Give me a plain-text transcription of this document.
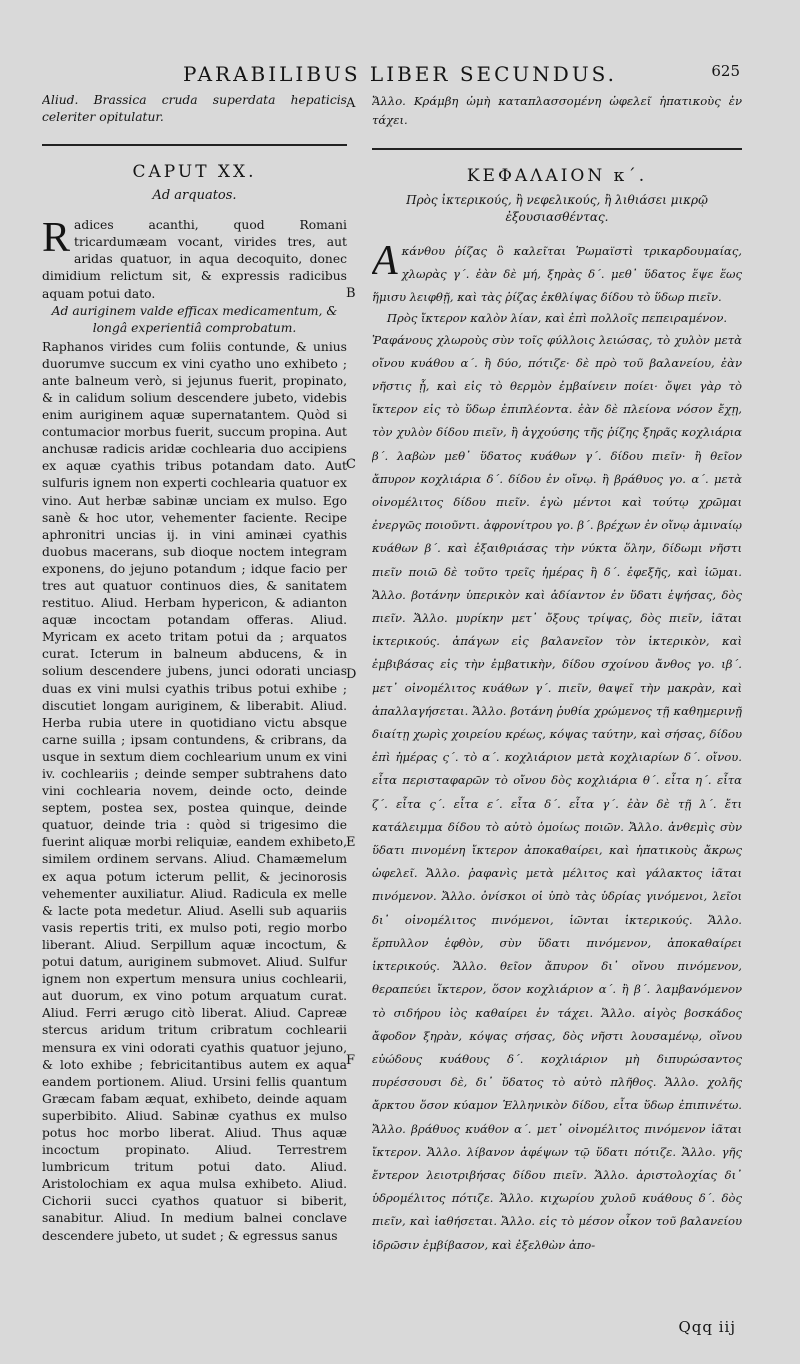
PARABILIBUS LIBER SECUNDUS.	625

Aliud. Brassica cruda superdata hepaticis celeriter opitulatur.

CAPUT XX.
Ad arquatos.

Radices acanthi, quod Romani tricardumæam vocant, virides tres, aut aridas quatuor, in aqua decoquito, donec dimidium relictum sit, & expressis radicibus aquam potui dato.

Ad auriginem valde efficax medicamentum, & longâ experientiâ comprobatum.

Raphanos virides cum foliis contunde, & unius duorumve succum ex vini cyatho uno exhibeto ; ante balneum verò, si jejunus fuerit, propinato, & in calidum solium descendere jubeto, videbis enim auriginem aquæ supernatantem. Quòd si contumacior morbus fuerit, succum propina. Aut anchusæ radicis aridæ cochlearia duo accipiens ex aquæ cyathis tribus potandam dato. Aut sulfuris ignem non experti cochlearia quatuor ex vino. Aut herbæ sabinæ unciam ex mulso. Ego sanè & hoc utor, vehementer faciente. Recipe aphronitri uncias ij. in vini aminæi cyathis duobus macerans, sub dioque noctem integram exponens, do jejuno potandum ; idque facio per tres aut quatuor continuos dies, & sanitatem restituo. Aliud. Herbam hypericon, & adianton aquæ incoctam potandam offeras. Aliud. Myricam ex aceto tritam potui da ; arquatos curat. Icterum in balneum abducens, & in solium descendere jubens, junci odorati uncias duas ex vini mulsi cyathis tribus potui exhibe ; discutiet longam auriginem, & liberabit. Aliud. Herba rubia utere in quotidiano victu absque carne suilla ; ipsam contundens, & cribrans, da usque in sextum diem cochlearium unum ex vini iv. cochleariis ; deinde semper subtrahens dato vini cochlearia novem, deinde octo, deinde septem, postea sex, postea quinque, deinde quatuor, deinde tria : quòd si trigesimo die fuerint aliquæ morbi reliquiæ, eandem exhibeto, similem ordinem servans. Aliud. Chamæmelum ex aqua potum icterum pellit, & jecinorosis vehementer auxiliatur. Aliud. Radicula ex melle & lacte pota medetur. Aliud. Aselli sub aquariis vasis repertis triti, ex mulso poti, regio morbo liberant. Aliud. Serpillum aquæ incoctum, & potui datum, auriginem submovet. Aliud. Sulfur ignem non expertum mensura unius cochlearii, aut duorum, ex vino potum arquatum curat. Aliud. Ferri ærugo citò liberat. Aliud. Capreæ stercus aridum tritum cribratum cochlearii mensura ex vini odorati cyathis quatuor jejuno, & loto exhibe ; febricitantibus autem ex aqua eandem portionem. Aliud. Ursini fellis quantum Græcam fabam æquat, exhibeto, deinde aquam superbibito. Aliud. Sabinæ cyathus ex mulso potus hoc morbo liberat. Aliud. Thus aquæ incoctum propinato. Aliud. Terrestrem lumbricum tritum potui dato. Aliud. Aristolochiam ex aqua mulsa exhibeto. Aliud. Cichorii succi cyathos quatuor si biberit, sanabitur. Aliud. In medium balnei conclave descendere jubeto, ut sudet ; & egressus sanus

A
B
C
D
E
F

Ἄλλο. Κράμβη ὠμὴ καταπλασσομένη ὠφελεῖ ἡπατικοὺς ἐν τάχει.

ΚΕΦΑΛΑΙΟΝ κ΄.
Πρὸς ἰκτερικούς, ἢ νεφελικούς, ἢ λιθιάσει μικρῷ ἐξουσιασθέντας.

Ακάνθου ῥίζας ὃ καλεῖται Ῥωμαϊστὶ τρικαρδουμαίας, χλωρὰς γ΄. ἐὰν δὲ μή, ξηρὰς δ΄. μεθ᾽ ὕδατος ἕψε ἕως ἥμισυ λειφθῇ, καὶ τὰς ῥίζας ἐκθλίψας δίδου τὸ ὕδωρ πιεῖν.

Πρὸς ἴκτερον καλὸν λίαν, καὶ ἐπὶ πολλοῖς πεπειραμένον.

Ῥαφάνους χλωροὺς σὺν τοῖς φύλλοις λειώσας, τὸ χυλὸν μετὰ οἴνου κυάθου α΄. ἢ δύο, πότιζε· δὲ πρὸ τοῦ βαλανείου, ἐὰν νῆστις ᾖ, καὶ εἰς τὸ θερμὸν ἐμβαίνειν ποίει· ὄψει γὰρ τὸ ἴκτερον εἰς τὸ ὕδωρ ἐπιπλέοντα. ἐὰν δὲ πλείονα νόσον ἔχῃ, τὸν χυλὸν δίδου πιεῖν, ἢ ἀγχούσης τῆς ῥίζης ξηρᾶς κοχλιάρια β΄. λαβὼν μεθ᾽ ὕδατος κυάθων γ΄. δίδου πιεῖν· ἢ θεῖον ἄπυρον κοχλιάρια δ΄. δίδου ἐν οἴνῳ. ἢ βράθυος γο. α΄. μετὰ οἰνομέλιτος δίδου πιεῖν. ἐγὼ μέντοι καὶ τούτῳ χρῶμαι ἐνεργῶς ποιοῦντι. ἀφρονίτρου γο. β΄. βρέχων ἐν οἴνῳ ἀμιναίῳ κυάθων β΄. καὶ ἐξαιθριάσας τὴν νύκτα ὅλην, δίδωμι νῆστι πιεῖν ποιῶ δὲ τοῦτο τρεῖς ἡμέρας ἢ δ΄. ἐφεξῆς, καὶ ἰῶμαι. Ἄλλο. βοτάνην ὑπερικὸν καὶ ἀδίαντον ἐν ὕδατι ἑψήσας, δὸς πιεῖν. Ἄλλο. μυρίκην μετ᾽ ὄξους τρίψας, δὸς πιεῖν, ἰᾶται ἰκτερικούς. ἀπάγων εἰς βαλανεῖον τὸν ἰκτερικὸν, καὶ ἐμβιβάσας εἰς τὴν ἐμβατικὴν, δίδου σχοίνου ἄνθος γο. ιβ΄. μετ᾽ οἰνομέλιτος κυάθων γ΄. πιεῖν, θαψεῖ τὴν μακρὰν, καὶ ἀπαλλαγήσεται. Ἄλλο. βοτάνη ῥυθία χρώμενος τῇ καθημερινῇ διαίτῃ χωρὶς χοιρείου κρέως, κόψας ταύτην, καὶ σήσας, δίδου ἐπὶ ἡμέρας ς΄. τὸ α΄. κοχλιάριον μετὰ κοχλιαρίων δ΄. οἴνου. εἶτα περισταφαρῶν τὸ οἴνου δὸς κοχλιάρια θ΄. εἶτα η΄. εἶτα ζ΄. εἶτα ς΄. εἶτα ε΄. εἶτα δ΄. εἶτα γ΄. ἐὰν δὲ τῇ λ΄. ἔτι κατάλειμμα δίδου τὸ αὐτὸ ὁμοίως ποιῶν. Ἄλλο. ἀνθεμὶς σὺν ὕδατι πινομένη ἴκτερον ἀποκαθαίρει, καὶ ἡπατικοὺς ἄκρως ὠφελεῖ. Ἄλλο. ῥαφανὶς μετὰ μέλιτος καὶ γάλακτος ἰᾶται πινόμενον. Ἄλλο. ὀνίσκοι οἱ ὑπὸ τὰς ὑδρίας γινόμενοι, λεῖοι δι᾽ οἰνομέλιτος πινόμενοι, ἰῶνται ἰκτερικούς. Ἄλλο. ἕρπυλλον ἑφθὸν, σὺν ὕδατι πινόμενον, ἀποκαθαίρει ἰκτερικούς. Ἄλλο. θεῖον ἄπυρον δι᾽ οἴνου πινόμενον, θεραπεύει ἴκτερον, ὅσον κοχλιάριον α΄. ἢ β΄. λαμβανόμενον τὸ σιδήρου ἰὸς καθαίρει ἐν τάχει. Ἄλλο. αἰγὸς βοσκάδος ἄφοδον ξηρὰν, κόψας σήσας, δὸς νῆστι λουσαμένῳ, οἴνου εὐώδους κυάθους δ΄. κοχλιάριον μὴ διπυρώσαντος πυρέσσουσι δὲ, δι᾽ ὕδατος τὸ αὐτὸ πλῆθος. Ἄλλο. χολῆς ἄρκτου ὅσον κύαμον Ἑλληνικὸν δίδου, εἶτα ὕδωρ ἐπιπινέτω. Ἄλλο. βράθυος κυάθον α΄. μετ᾽ οἰνομέλιτος πινόμενον ἰᾶται ἴκτερον. Ἄλλο. λίβανον ἀφέψων τῷ ὕδατι πότιζε. Ἄλλο. γῆς ἔντερον λειοτριβήσας δίδου πιεῖν. Ἄλλο. ἀριστολοχίας δι᾽ ὑδρομέλιτος πότιζε. Ἄλλο. κιχωρίου χυλοῦ κυάθους δ΄. δὸς πιεῖν, καὶ ἰαθήσεται. Ἄλλο. εἰς τὸ μέσον οἶκον τοῦ βαλανείου ἱδρῶσιν ἐμβίβασον, καὶ ἐξελθὼν ἀπο-

Qqq iij
